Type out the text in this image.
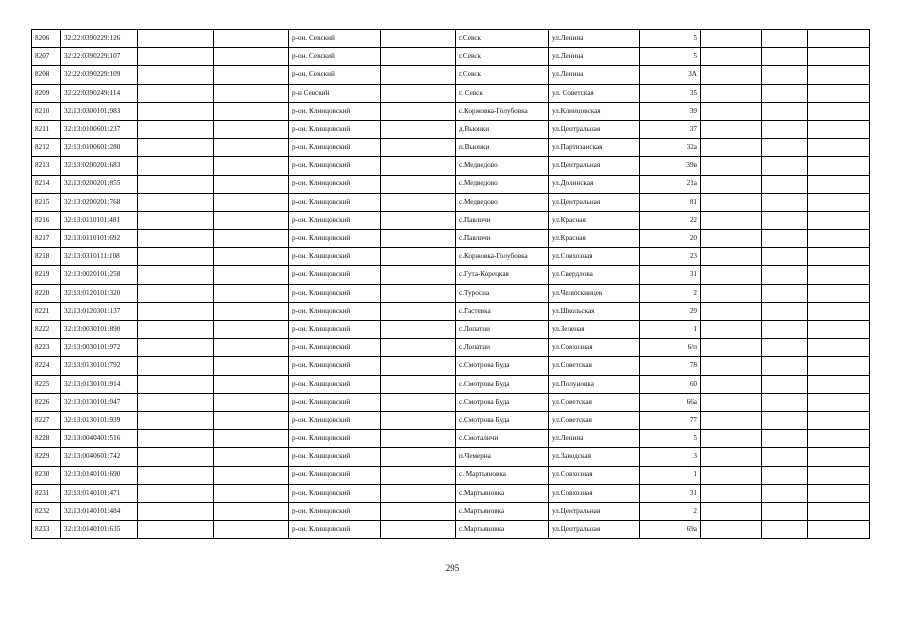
8206	32:22:0390229:126			р-он. Севский		г.Севск	ул.Ленина	5			
8207	32:22:0390229:107			р-он. Севский		г.Севск	ул.Ленина	5			
8208	32:22:0390229:109			р-он. Севский		г.Севск	ул.Ленина	3А			
8209	32:22:0390249:114			р-н Севский		г. Севск	ул. Советская	35			
8210	32:13:0300101:983			р-он. Клинцовский		с.Коржовка-Голубовка	ул.Клинцовская	39			
8211	32:13:0100601:237			р-он. Клинцовский		д.Вьюнки	ул.Центральная	37			
8212	32:13:0100601:280			р-он. Клинцовский		п.Вьюнки	ул.Партизанская	32а			
8213	32:13:0200201:683			р-он. Клинцовский		с.Медведово	ул.Центральная	39в			
8214	32:13:0200201:855			р-он. Клинцовский		с.Медведово	ул.Долинская	21а			
8215	32:13:0200201:768			р-он. Клинцовский		с.Медведово	ул.Центральная	81			
8216	32:13:0110101:481			р-он. Клинцовский		с.Павличи	ул.Красная	22			
8217	32:13:0110101:692			р-он. Клинцовский		с.Павличи	ул.Красная	20			
8218	32:13:0310111:108			р-он. Клинцовский		с.Коржовка-Голубовка	ул.Совхозная	23			
8219	32:13:0020101:258			р-он. Клинцовский		с.Гута-Корецкая	ул.Свердлова	31			
8220	32:13:0120101:320			р-он. Клинцовский		с.Туросна	ул.Челюскинцев	2			
8221	32:13:0120301:137			р-он. Клинцовский		с.Гастевка	ул.Школьская	29			
8222	32:13:0030101:890			р-он. Клинцовский		с.Лопатни	ул.Зеленая	1			
8223	32:13:0030101:972			р-он. Клинцовский		с.Лопатни	ул.Совхозная	6/п			
8224	32:13:0130101:792			р-он. Клинцовский		с.Смотрова Буда	ул.Советская	78			
8225	32:13:0130101:914			р-он. Клинцовский		с.Смотрова Буда	ул.Полуновка	60			
8226	32:13:0130101:947			р-он. Клинцовский		с.Смотрова Буда	ул.Советская	66а			
8227	32:13:0130101:939			р-он. Клинцовский		с.Смотрова Буда	ул.Советская	77			
8228	32:13:0040401:516			р-он. Клинцовский		с.Смоталичи	ул.Ленина	5			
8229	32:13:0040601:742			р-он. Клинцовский		п.Чемерна	ул.Заводская	3			
8230	32:13:0140101:690			р-он. Клинцовский		с. Мартьяновка	ул.Совхозная	1			
8231	32:13:0140101:471			р-он. Клинцовский		с.Мартьяновка	ул.Совхозная	31			
8232	32:13:0140101:484			р-он. Клинцовский		с.Мартьяновка	ул.Центральная	2			
8233	32:13:0140101:635			р-он. Клинцовский		с.Мартьяновка	ул.Центральная	69а			
295
